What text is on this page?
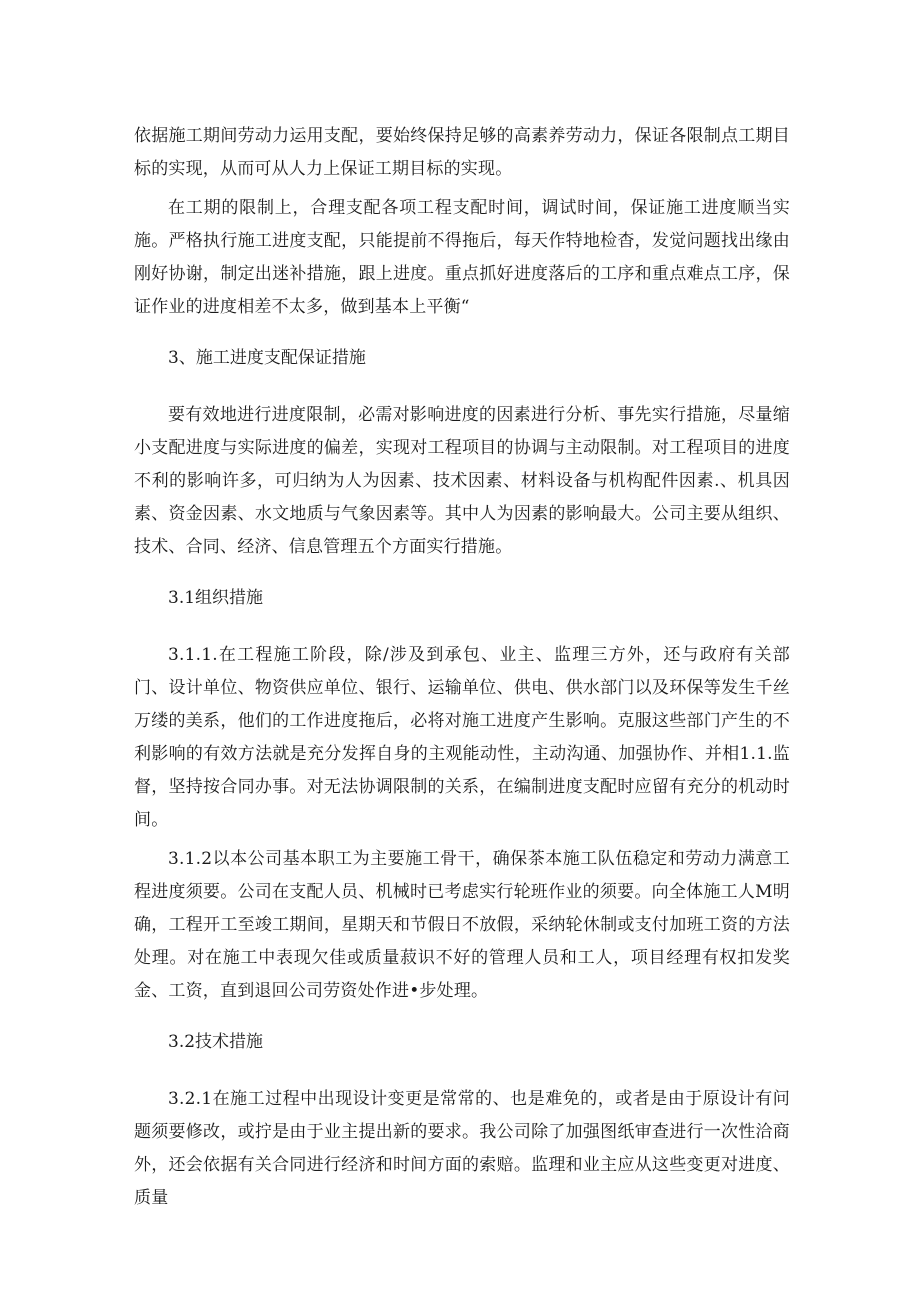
依据施工期间劳动力运用支配，要始终保持足够的高素养劳动力，保证各限制点工期目标的实现，从而可从人力上保证工期目标的实现。

在工期的限制上，合理支配各项工程支配时间，调试时间，保证施工进度顺当实施。严格执行施工进度支配，只能提前不得拖后，每天作特地检杳，发觉问题找出缘由刚好协谢，制定出迷补措施，跟上进度。重点抓好进度落后的工序和重点难点工序，保证作业的进度相差不太多，做到基本上平衡“

3、施工进度支配保证措施

要有效地进行进度限制，必需对影响进度的因素进行分析、事先实行措施，尽量缩小支配进度与实际进度的偏差，实现对工程项目的协调与主动限制。对工程项目的进度不利的影响许多，可归纳为人为因素、技术因素、材料设备与机构配件因素.、机具因素、资金因素、水文地质与气象因素等。其中人为因素的影响最大。公司主要从组织、技术、合同、经济、信息管理五个方面实行措施。

3.1组织措施

3.1.1.在工程施工阶段，除/涉及到承包、业主、监理三方外，还与政府有关部门、设计单位、物资供应单位、银行、运输单位、供电、供水部门以及环保等发生千丝万缕的美系，他们的工作进度拖后，必将对施工进度产生影响。克服这些部门产生的不利影响的有效方法就是充分发挥自身的主观能动性，主动沟通、加强协作、并相1.1.监督，坚持按合同办事。对无法协调限制的关系，在编制进度支配时应留有充分的机动时间。

3.1.2以本公司基本职工为主要施工骨干，确保茶本施工队伍稳定和劳动力满意工程进度须要。公司在支配人员、机械时已考虑实行轮班作业的须要。向全体施工人M明确，工程开工至竣工期间，星期天和节假日不放假，采纳轮休制或支付加班工资的方法处理。对在施工中表现欠佳或质量菽识不好的管理人员和工人，项目经理有权扣发奖金、工资，直到退回公司劳资处作进•步处理。

3.2技术措施

3.2.1在施工过程中出现设计变更是常常的、也是难免的，或者是由于原设计有问题须要修改，或拧是由于业主提出新的要求。我公司除了加强图纸审查进行一次性洽商外，还会依据有关合同进行经济和时间方面的索赔。监理和业主应从这些变更对进度、质量
